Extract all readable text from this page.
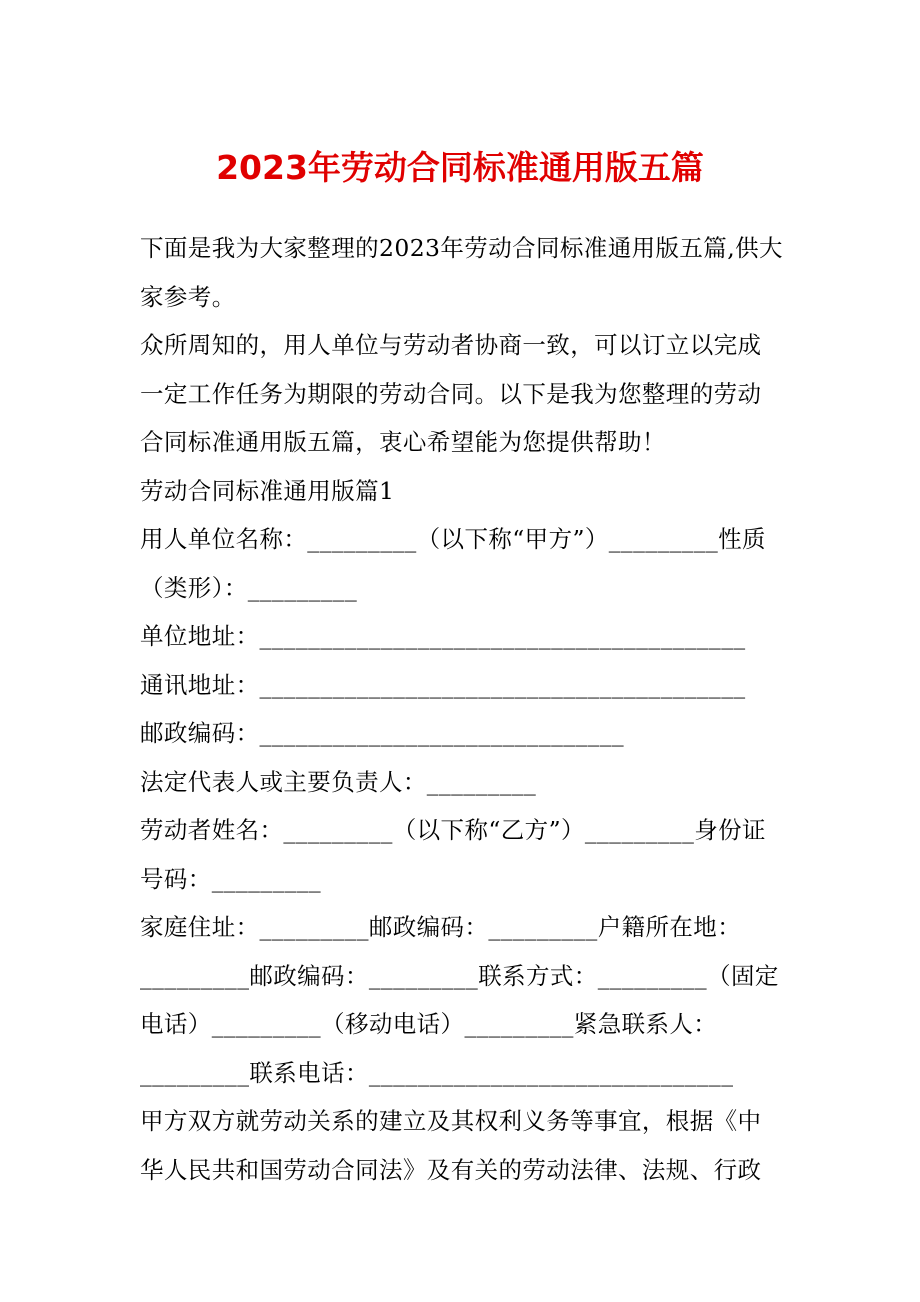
2023年劳动合同标准通用版五篇

下面是我为大家整理的2023年劳动合同标准通用版五篇,供大家参考。

众所周知的，用人单位与劳动者协商一致，可以订立以完成一定工作任务为期限的劳动合同。以下是我为您整理的劳动合同标准通用版五篇，衷心希望能为您提供帮助！

劳动合同标准通用版篇1

用人单位名称：_________（以下称“甲方”）_________性质（类形）：_________

单位地址：________________________________________

通讯地址：________________________________________

邮政编码：______________________________

法定代表人或主要负责人：_________

劳动者姓名：_________（以下称“乙方”）_________身份证号码：_________

家庭住址：_________邮政编码：_________户籍所在地：_________邮政编码：_________联系方式：_________（固定电话）_________（移动电话）_________紧急联系人：_________联系电话：______________________________

甲方双方就劳动关系的建立及其权利义务等事宜，根据《中华人民共和国劳动合同法》及有关的劳动法律、法规、行政
